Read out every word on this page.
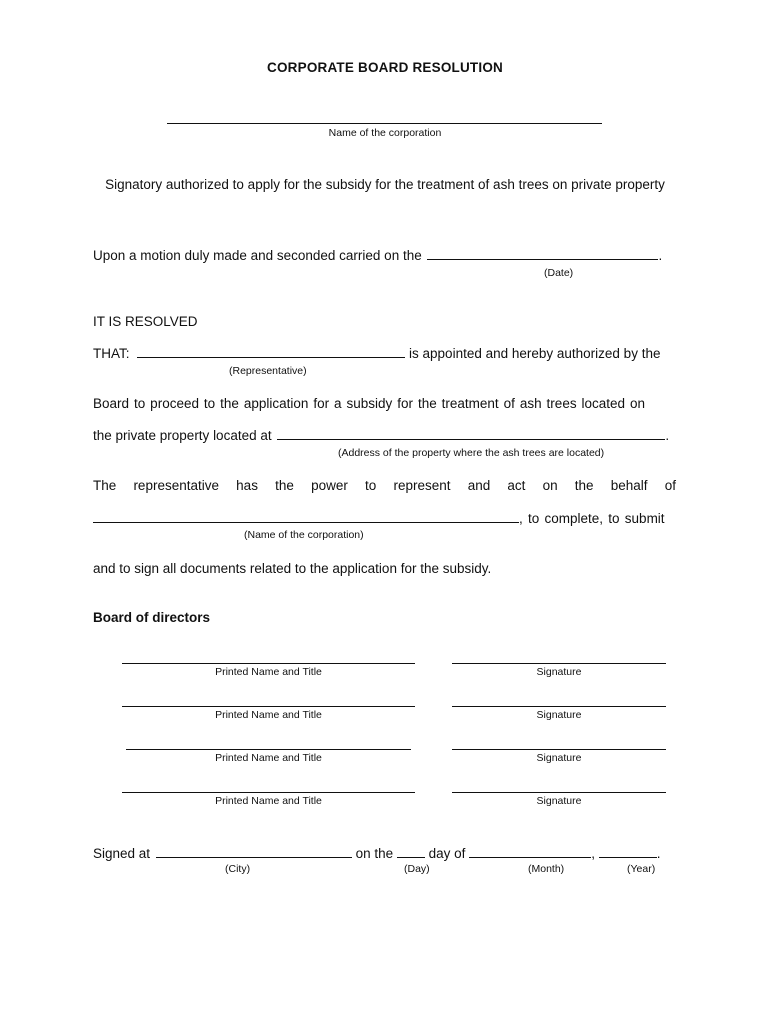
CORPORATE BOARD RESOLUTION
Name of the corporation
Signatory authorized to apply for the subsidy for the treatment of ash trees on private property
Upon a motion duly made and seconded carried on the	.
(Date)
IT IS RESOLVED
THAT:	is appointed and hereby authorized by the
(Representative)
Board to proceed to the application for a subsidy for the treatment of ash trees located on
the private property located at	.
(Address of the property where the ash trees are located)
The representative has the power to represent and act on the behalf of
, to complete, to submit
(Name of the corporation)
and to sign all documents related to the application for the subsidy.
Board of directors
Printed Name and Title	Signature
Printed Name and Title	Signature
Printed Name and Title	Signature
Printed Name and Title	Signature
Signed at	on the	day of	,	.
(City)	(Day)	(Month)	(Year)
